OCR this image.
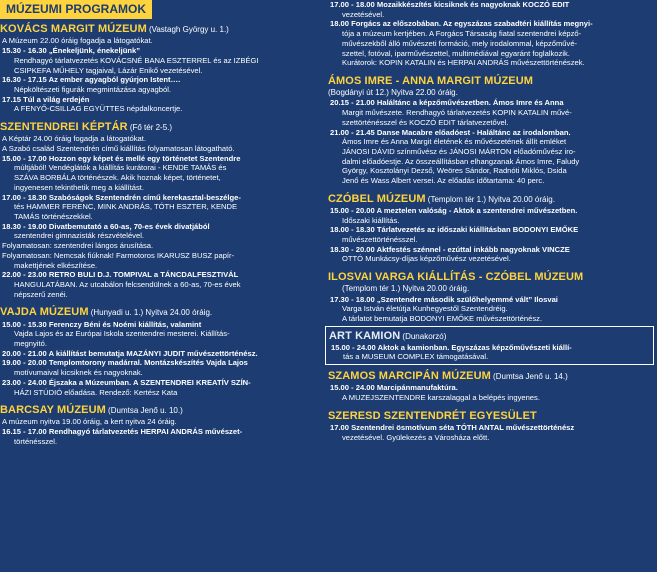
MÚZEUMI PROGRAMOK
KOVÁCS MARGIT MÚZEUM (Vastagh György u. 1.)
A Múzeum 22.00 óráig fogadja a látogatókat.
15.30 - 16.30 „Énekeljünk, énekeljünk”
Rendhagyó tárlatvezetés KOVÁCSNÉ BANA ESZTERREL és az IZBÉGI
CSIPKEFA MŰHELY tagjaival, Lázár Enikő vezetésével.
16.30 - 17.15 Az ember agyagból gyúrjon Istent….
Népköltészeti figurák megmintázása agyagból.
17.15 Túl a világ erdején
A FENYŐ-CSILLAG EGYÜTTES népdalkoncertje.
SZENTENDREI KÉPTÁR (Fő tér 2-5.)
A Képtár 24.00 óráig fogadja a látogatókat.
A Szabó család Szentendrén című kiállítás folyamatosan látogatható.
15.00 - 17.00 Hozzon egy képet és mellé egy történetet Szentendre
múltjából! Vendéglátók a kiállítás kurátorai - KENDE TAMÁS és
SZÁVA BORBÁLA történészek. Akik hoznak képet, történetet,
ingyenesen tekinthetik meg a kiállítást.
17.00 - 18.30 Szabóságok Szentendrén című kerekasztal-beszélge-
tés HAMMER FERENC, MINK ANDRÁS, TÓTH ESZTER, KENDE
TAMÁS történészekkel.
18.30 - 19.00 Divatbemutató a 60-as, 70-es évek divatjából
szentendrei gimnazisták részvételével.
Folyamatosan: szentendrei lángos árusítása.
Folyamatosan: Nemcsak fiúknak! Farmotoros IKARUSZ BUSZ papír-
makettjének elkészítése.
22.00 - 23.00 RETRO BULI D.J. TOMPIVAL a TÁNCDALFESZTIVÁL
HANGULATÁBAN. Az utcabálon felcsendülnek a 60-as, 70-es évek
népszerű zenéi.
VAJDA MÚZEUM (Hunyadi u. 1.) Nyitva 24.00 óráig.
15.00 - 15.30 Ferenczy Béni és Noémi kiállítás, valamint
Vajda Lajos és az Európai Iskola szentendrei mesterei. Kiállítás-
megnyitó.
20.00 - 21.00 A kiállítást bemutatja MAZÁNYI JUDIT művészettörténész.
19.00 - 20.00 Templomtorony madárral. Montázskészítés Vajda Lajos
motívumaival kicsiknek és nagyoknak.
23.00 - 24.00 Éjszaka a Múzeumban. A SZENTENDREI KREATÍV SZÍN-
HÁZI STÚDIÓ előadása. Rendező: Kertész Kata
BARCSAY MÚZEUM (Dumtsa Jenő u. 10.)
A múzeum nyitva 19.00 óráig, a kert nyitva 24 óráig.
16.15 - 17.00 Rendhagyó tárlatvezetés HERPAI ANDRÁS művészet-
történésszel.
17.00 - 18.00 Mozaikkészítés kicsiknek és nagyoknak KOCZÓ EDIT
vezetésével.
18.00 Forgács az előszobában. Az egyszázas szabadtéri kiállítás megnyi-
tója a múzeum kertjében. A Forgács Társaság fiatal szentendrei képző-
művészekből álló művészeti formáció, mely irodalommal, képzőművé-
szettel, fotóval, iparművészettel, multimédiával egyaránt foglalkozik.
Kurátorok: KOPIN KATALIN és HERPAI ANDRÁS művészettörténészek.
ÁMOS IMRE - ANNA MARGIT MÚZEUM
(Bogdányi út 12.) Nyitva 22.00 óráig.
20.15 - 21.00 Haláltánc a képzőművészetben. Ámos Imre és Anna
Margit művészete. Rendhagyó tárlatvezetés KOPIN KATALIN művé-
szettörténésszel és KOCZÓ EDIT tárlatvezetővel.
21.00 - 21.45 Danse Macabre előadóest - Haláltánc az irodalomban.
Ámos Imre és Anna Margit életének és művészetének állít emléket
JÁNOSI DÁVID színművész és JÁNOSI MÁRTON előadóművész iro-
dalmi előadóestje. Az összeállításban elhangzanak Ámos Imre, Faludy
György, Kosztolányi Dezső, Weöres Sándor, Radnóti Miklós, Dsida
Jenő és Wass Albert versei. Az előadás időtartama: 40 perc.
CZÓBEL MÚZEUM (Templom tér 1.) Nyitva 20.00 óráig.
15.00 - 20.00 A meztelen valóság - Aktok a szentendrei művészetben.
Időszaki kiállítás.
18.00 - 18.30 Tárlatvezetés az időszaki kiállításban BODONYI EMŐKE
művészettörténésszel.
18.30 - 20.00 Aktfestés szénnel - ezúttal inkább nagyoknak VINCZE
OTTÓ Munkácsy-díjas képzőművész vezetésével.
ILOSVAI VARGA KIÁLLÍTÁS - CZÓBEL MÚZEUM
(Templom tér 1.) Nyitva 20.00 óráig.
17.30 - 18.00 „Szentendre második szülőhelyemmé vált” Ilosvai
Varga István életútja Kunhegyestől Szentendréig.
A tárlatot bemutatja BODONYI EMŐKE művészettörténész.
ART KAMION (Dunakorzó)
15.00 - 24.00 Aktok a kamionban. Egyszázas képzőművészeti kiállí-
tás a MUSEUM COMPLEX támogatásával.
SZAMOS MARCIPÁN MÚZEUM (Dumtsa Jenő u. 14.)
15.00 - 24.00 Marcipánmanufaktúra.
A MUZEJSZENTENDRE karszalaggal a belépés ingyenes.
SZERESD SZENTENDRÉT EGYESÜLET
17.00 Szentendrei ösmotívum séta TÓTH ANTAL művészettörténész
vezetésével. Gyülekezés a Városháza előtt.
